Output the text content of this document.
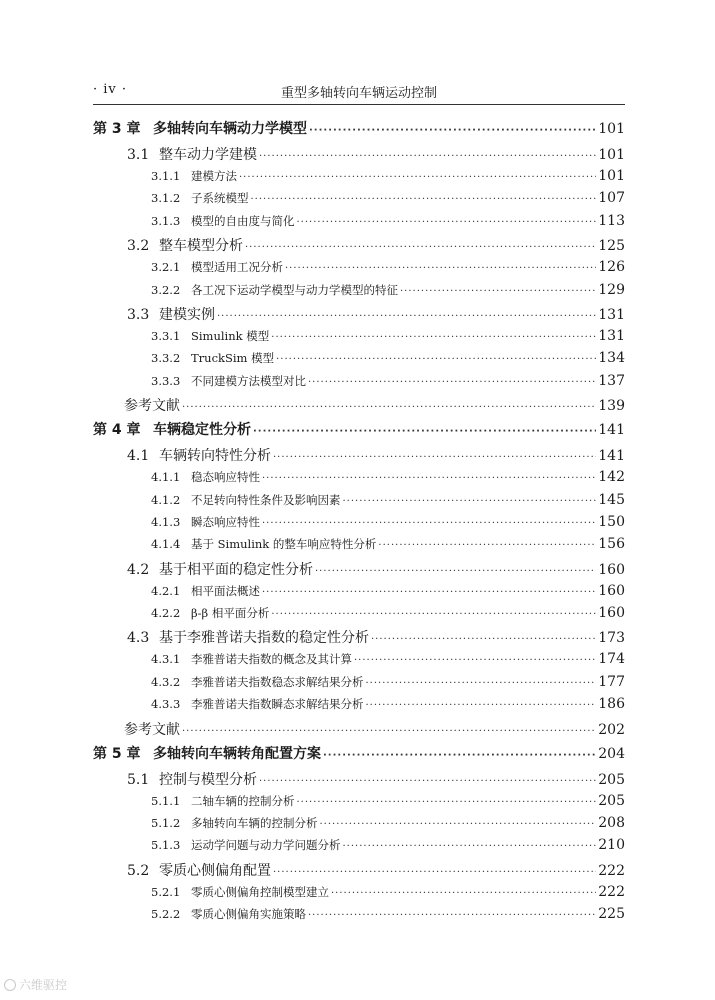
· iv ·	重型多轴转向车辆运动控制
第 3 章 多轴转向车辆动力学模型 ·····	101
3.1 整车动力学建模 ·····	101
3.1.1 建模方法 ·····	101
3.1.2 子系统模型 ·····	107
3.1.3 模型的自由度与简化 ·····	113
3.2 整车模型分析 ·····	125
3.2.1 模型适用工况分析 ·····	126
3.2.2 各工况下运动学模型与动力学模型的特征 ·····	129
3.3 建模实例 ·····	131
3.3.1 Simulink 模型 ·····	131
3.3.2 TruckSim 模型 ·····	134
3.3.3 不同建模方法模型对比 ·····	137
参考文献 ·····	139
第 4 章 车辆稳定性分析 ·····	141
4.1 车辆转向特性分析 ·····	141
4.1.1 稳态响应特性 ·····	142
4.1.2 不足转向特性条件及影响因素 ·····	145
4.1.3 瞬态响应特性 ·····	150
4.1.4 基于 Simulink 的整车响应特性分析 ·····	156
4.2 基于相平面的稳定性分析 ·····	160
4.2.1 相平面法概述 ·····	160
4.2.2 β-β 相平面分析 ·····	160
4.3 基于李雅普诺夫指数的稳定性分析 ·····	173
4.3.1 李雅普诺夫指数的概念及其计算 ·····	174
4.3.2 李雅普诺夫指数稳态求解结果分析 ·····	177
4.3.3 李雅普诺夫指数瞬态求解结果分析 ·····	186
参考文献 ·····	202
第 5 章 多轴转向车辆转角配置方案 ·····	204
5.1 控制与模型分析 ·····	205
5.1.1 二轴车辆的控制分析 ·····	205
5.1.2 多轴转向车辆的控制分析 ·····	208
5.1.3 运动学问题与动力学问题分析 ·····	210
5.2 零质心侧偏角配置 ·····	222
5.2.1 零质心侧偏角控制模型建立 ·····	222
5.2.2 零质心侧偏角实施策略 ·····	225
六维驱控
